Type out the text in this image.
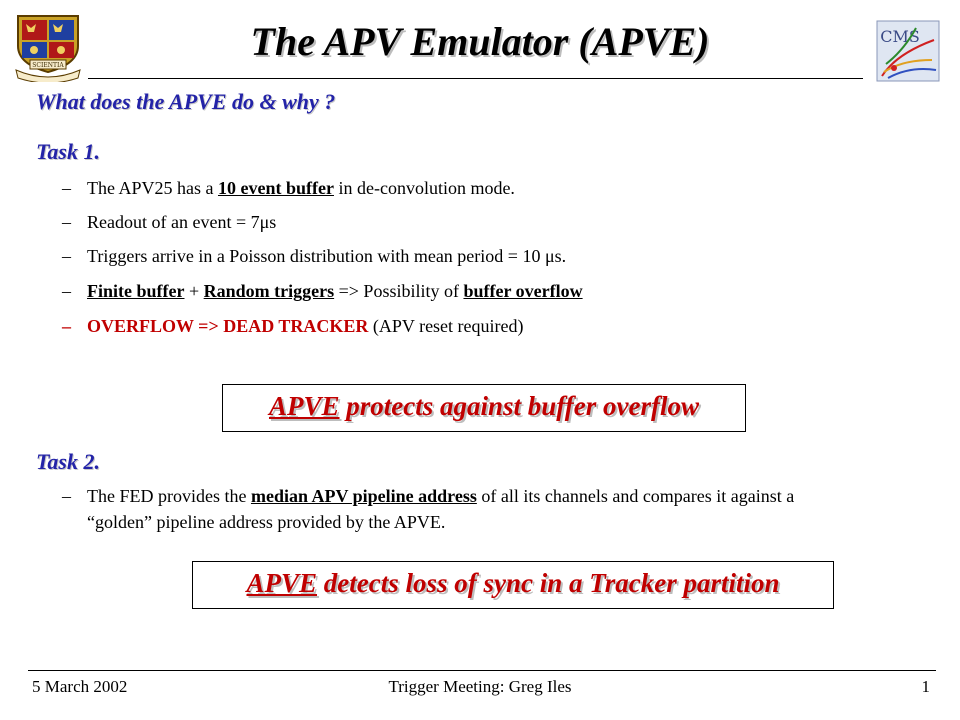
SCIENTIA
CMS
The APV Emulator (APVE)
What does the APVE do & why ?
Task 1.
– The APV25 has a 10 event buffer in de-convolution mode.
– Readout of an event = 7μs
– Triggers arrive in a Poisson distribution with mean period = 10 μs.
– Finite buffer + Random triggers => Possibility of buffer overflow
– OVERFLOW => DEAD TRACKER (APV reset required)
APVE protects against buffer overflow
Task 2.
– The FED provides the median APV pipeline address of all its channels and compares it against a “golden” pipeline address provided by the APVE.
APVE detects loss of sync in a Tracker partition
5 March 2002	Trigger Meeting: Greg Iles	1
